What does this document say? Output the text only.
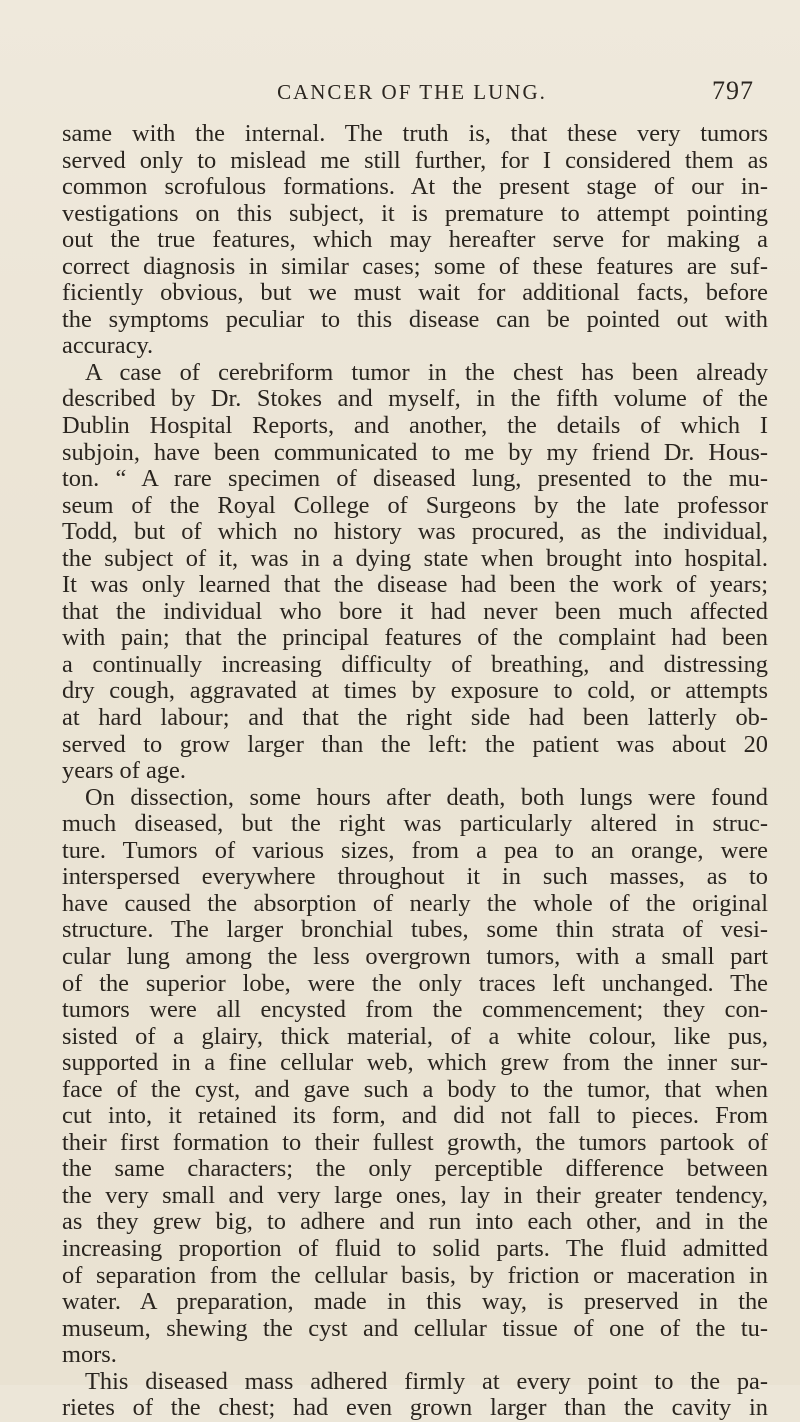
CANCER OF THE LUNG.	797
same with the internal. The truth is, that these very tumors
served only to mislead me still further, for I considered them as
common scrofulous formations. At the present stage of our in-
vestigations on this subject, it is premature to attempt pointing
out the true features, which may hereafter serve for making a
correct diagnosis in similar cases; some of these features are suf-
ficiently obvious, but we must wait for additional facts, before
the symptoms peculiar to this disease can be pointed out with
accuracy.
A case of cerebriform tumor in the chest has been already
described by Dr. Stokes and myself, in the fifth volume of the
Dublin Hospital Reports, and another, the details of which I
subjoin, have been communicated to me by my friend Dr. Hous-
ton. “ A rare specimen of diseased lung, presented to the mu-
seum of the Royal College of Surgeons by the late professor
Todd, but of which no history was procured, as the individual,
the subject of it, was in a dying state when brought into hospital.
It was only learned that the disease had been the work of years;
that the individual who bore it had never been much affected
with pain; that the principal features of the complaint had been
a continually increasing difficulty of breathing, and distressing
dry cough, aggravated at times by exposure to cold, or attempts
at hard labour; and that the right side had been latterly ob-
served to grow larger than the left: the patient was about 20
years of age.
On dissection, some hours after death, both lungs were found
much diseased, but the right was particularly altered in struc-
ture. Tumors of various sizes, from a pea to an orange, were
interspersed everywhere throughout it in such masses, as to
have caused the absorption of nearly the whole of the original
structure. The larger bronchial tubes, some thin strata of vesi-
cular lung among the less overgrown tumors, with a small part
of the superior lobe, were the only traces left unchanged. The
tumors were all encysted from the commencement; they con-
sisted of a glairy, thick material, of a white colour, like pus,
supported in a fine cellular web, which grew from the inner sur-
face of the cyst, and gave such a body to the tumor, that when
cut into, it retained its form, and did not fall to pieces. From
their first formation to their fullest growth, the tumors partook of
the same characters; the only perceptible difference between
the very small and very large ones, lay in their greater tendency,
as they grew big, to adhere and run into each other, and in the
increasing proportion of fluid to solid parts. The fluid admitted
of separation from the cellular basis, by friction or maceration in
water. A preparation, made in this way, is preserved in the
museum, shewing the cyst and cellular tissue of one of the tu-
mors.
This diseased mass adhered firmly at every point to the pa-
rietes of the chest; had even grown larger than the cavity in
